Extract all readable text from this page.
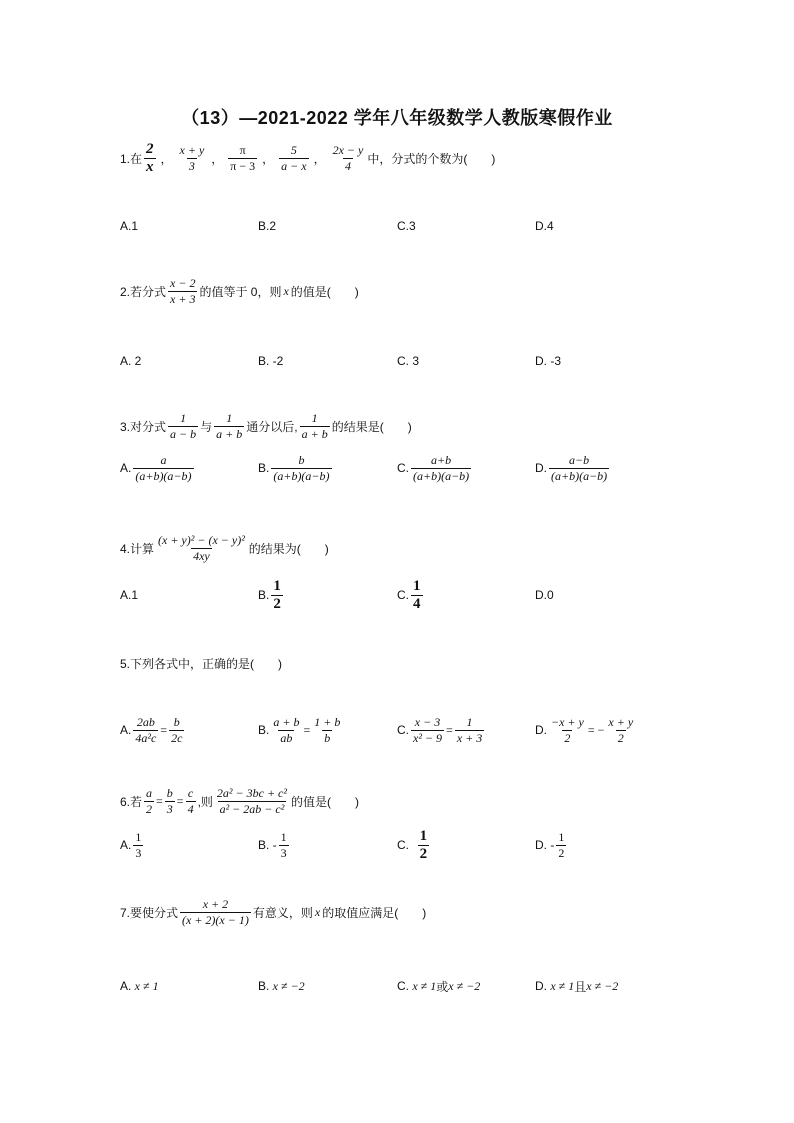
（13）—2021-2022 学年八年级数学人教版寒假作业
1.在 $\frac{2}{x}$ ， $\frac{x + y}{3}$ ， $\frac{\pi}{\pi - 3}$ ， $\frac{5}{a - x}$ ， $\frac{2x - y}{4}$ 中，分式的个数为(　　)
A.1	B.2	C.3	D.4
2.若分式 $\frac{x - 2}{x + 3}$ 的值等于 0，则 x 的值是(　　)
A. 2	B. -2	C. 3	D. -3
3.对分式 $\frac{1}{a - b}$ 与 $\frac{1}{a + b}$ 通分以后, $\frac{1}{a + b}$ 的结果是(　　)
A. $\frac{a}{(a+b)(a-b)}$	B. $\frac{b}{(a+b)(a-b)}$	C. $\frac{a+b}{(a+b)(a-b)}$	D. $\frac{a-b}{(a+b)(a-b)}$
4.计算 $\frac{\text{(x + y)² − (x − y)²}}{4xy}$ 的结果为(　　)
A.1	B. $\frac{1}{2}$	C. $\frac{1}{4}$	D.0
5.下列各式中，正确的是(　　)
A. $\frac{2ab}{\text{4a²c}} = \frac{b}{2c}$	B. $\frac{a + b}{ab} = \frac{1 + b}{b}$	C. $\frac{x - 3}{\text{x² − 9}} = \frac{1}{x + 3}$	D. $\frac{-x + y}{2}$ = − $\frac{x + y}{2}$
6.若 $\frac{a}{2} = \frac{b}{3} = \frac{c}{4}$ ,则 $\frac{\text{2a² − 3bc + c²}}{\text{a² − 2ab − c²}}$ 的值是(　　)
A. $\frac{1}{3}$	B. - $\frac{1}{3}$	C. $\frac{1}{2}$	D. - $\frac{1}{2}$
7.要使分式 $\frac{x + 2}{(x + 2)(x - 1)}$ 有意义，则 x 的取值应满足(　　)
A. x ≠ 1	B. x ≠ −2	C. x ≠ 1 或 x ≠ −2	D. x ≠ 1 且 x ≠ −2
